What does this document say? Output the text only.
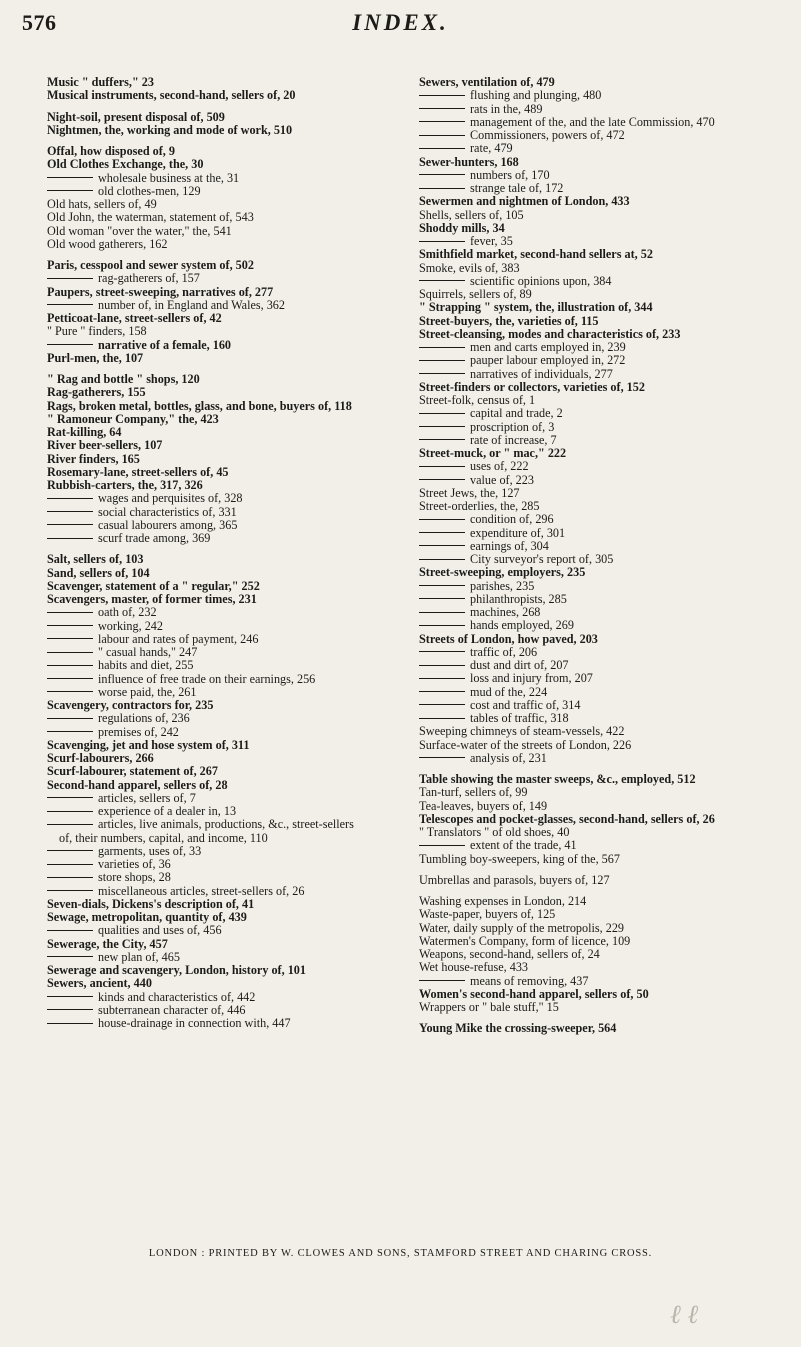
576	INDEX.
Music " duffers," 23
Musical instruments, second-hand, sellers of, 20
Night-soil, present disposal of, 509
Nightmen, the, working and mode of work, 510
Offal, how disposed of, 9
Old Clothes Exchange, the, 30
wholesale business at the, 31
old clothes-men, 129
Old hats, sellers of, 49
Old John, the waterman, statement of, 543
Old woman "over the water," the, 541
Old wood gatherers, 162
Paris, cesspool and sewer system of, 502
rag-gatherers of, 157
Paupers, street-sweeping, narratives of, 277
number of, in England and Wales, 362
Petticoat-lane, street-sellers of, 42
" Pure " finders, 158
narrative of a female, 160
Purl-men, the, 107
" Rag and bottle " shops, 120
Rag-gatherers, 155
Rags, broken metal, bottles, glass, and bone, buyers of, 118
" Ramoneur Company," the, 423
Rat-killing, 64
River beer-sellers, 107
River finders, 165
Rosemary-lane, street-sellers of, 45
Rubbish-carters, the, 317, 326
wages and perquisites of, 328
social characteristics of, 331
casual labourers among, 365
scurf trade among, 369
Salt, sellers of, 103
Sand, sellers of, 104
Scavenger, statement of a " regular," 252
Scavengers, master, of former times, 231
oath of, 232
working, 242
labour and rates of payment, 246
" casual hands," 247
habits and diet, 255
influence of free trade on their earnings, 256
worse paid, the, 261
Scavengery, contractors for, 235
regulations of, 236
premises of, 242
Scavenging, jet and hose system of, 311
Scurf-labourers, 266
Scurf-labourer, statement of, 267
Second-hand apparel, sellers of, 28
articles, sellers of, 7
experience of a dealer in, 13
articles, live animals, productions, &c., street-sellers
of, their numbers, capital, and income, 110
garments, uses of, 33
varieties of, 36
store shops, 28
miscellaneous articles, street-sellers of, 26
Seven-dials, Dickens's description of, 41
Sewage, metropolitan, quantity of, 439
qualities and uses of, 456
Sewerage, the City, 457
new plan of, 465
Sewerage and scavengery, London, history of, 101
Sewers, ancient, 440
kinds and characteristics of, 442
subterranean character of, 446
house-drainage in connection with, 447
Sewers, ventilation of, 479
flushing and plunging, 480
rats in the, 489
management of the, and the late Commission, 470
Commissioners, powers of, 472
rate, 479
Sewer-hunters, 168
numbers of, 170
strange tale of, 172
Sewermen and nightmen of London, 433
Shells, sellers of, 105
Shoddy mills, 34
fever, 35
Smithfield market, second-hand sellers at, 52
Smoke, evils of, 383
scientific opinions upon, 384
Squirrels, sellers of, 89
" Strapping " system, the, illustration of, 344
Street-buyers, the, varieties of, 115
Street-cleansing, modes and characteristics of, 233
men and carts employed in, 239
pauper labour employed in, 272
narratives of individuals, 277
Street-finders or collectors, varieties of, 152
Street-folk, census of, 1
capital and trade, 2
proscription of, 3
rate of increase, 7
Street-muck, or " mac," 222
uses of, 222
value of, 223
Street Jews, the, 127
Street-orderlies, the, 285
condition of, 296
expenditure of, 301
earnings of, 304
City surveyor's report of, 305
Street-sweeping, employers, 235
parishes, 235
philanthropists, 285
machines, 268
hands employed, 269
Streets of London, how paved, 203
traffic of, 206
dust and dirt of, 207
loss and injury from, 207
mud of the, 224
cost and traffic of, 314
tables of traffic, 318
Sweeping chimneys of steam-vessels, 422
Surface-water of the streets of London, 226
analysis of, 231
Table showing the master sweeps, &c., employed, 512
Tan-turf, sellers of, 99
Tea-leaves, buyers of, 149
Telescopes and pocket-glasses, second-hand, sellers of, 26
" Translators " of old shoes, 40
extent of the trade, 41
Tumbling boy-sweepers, king of the, 567
Umbrellas and parasols, buyers of, 127
Washing expenses in London, 214
Waste-paper, buyers of, 125
Water, daily supply of the metropolis, 229
Watermen's Company, form of licence, 109
Weapons, second-hand, sellers of, 24
Wet house-refuse, 433
means of removing, 437
Women's second-hand apparel, sellers of, 50
Wrappers or " bale stuff," 15
Young Mike the crossing-sweeper, 564
LONDON : PRINTED BY W. CLOWES AND SONS, STAMFORD STREET AND CHARING CROSS.
ℓ ℓ
